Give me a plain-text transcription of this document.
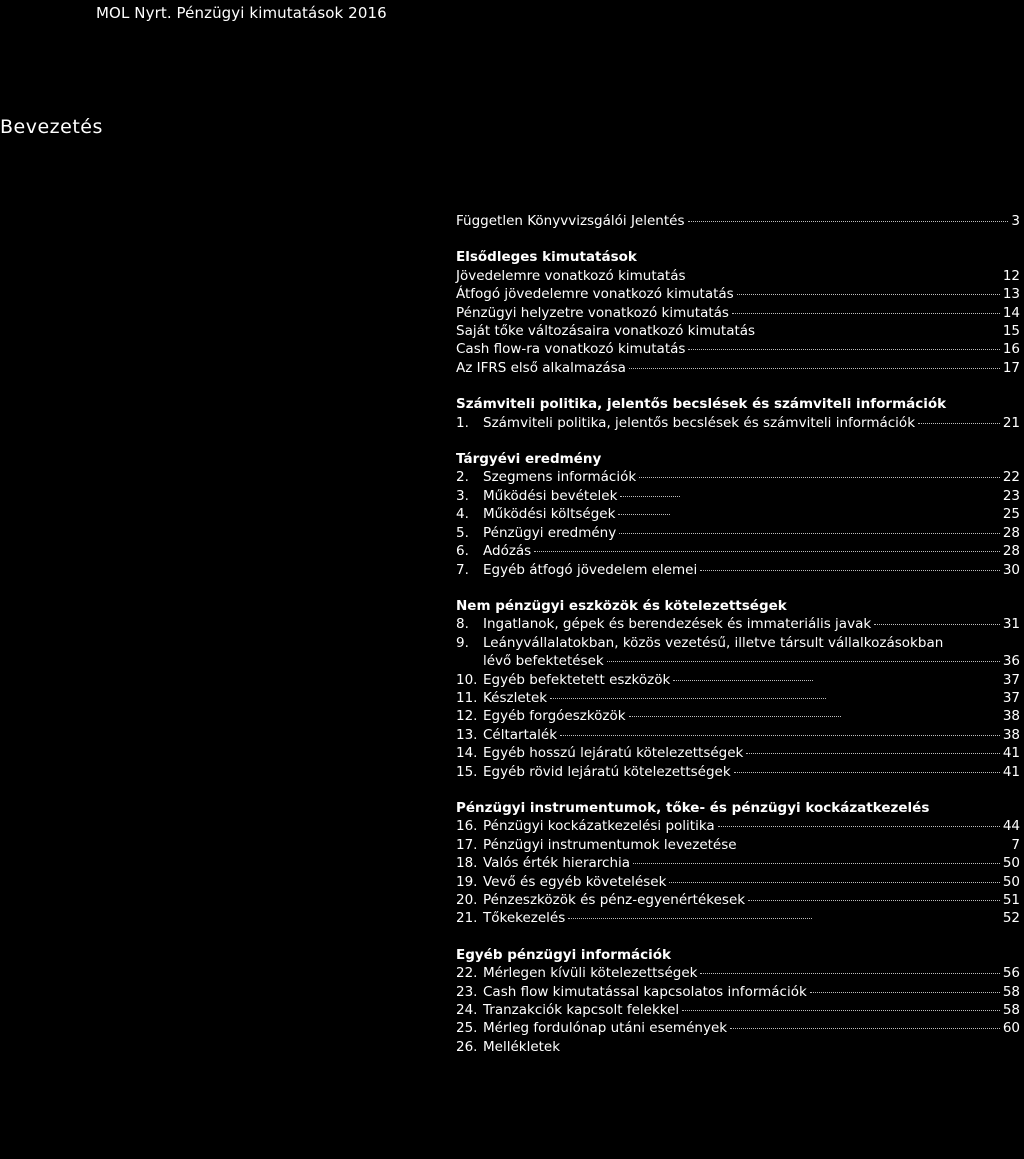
MOL Nyrt. Pénzügyi kimutatások 2016
Bevezetés
Független Könyvvizsgálói Jelentés	3
Elsődleges kimutatások
Jövedelemre vonatkozó kimutatás	12
Átfogó jövedelemre vonatkozó kimutatás	13
Pénzügyi helyzetre vonatkozó kimutatás	14
Saját tőke változásaira vonatkozó kimutatás	15
Cash flow-ra vonatkozó kimutatás	16
Az IFRS első alkalmazása	17
Számviteli politika, jelentős becslések és számviteli információk
1.	Számviteli politika, jelentős becslések és számviteli információk	21
Tárgyévi eredmény
2.	Szegmens információk	22
3.	Működési bevételek	23
4.	Működési költségek	25
5.	Pénzügyi eredmény	28
6.	Adózás	28
7.	Egyéb átfogó jövedelem elemei	30
Nem pénzügyi eszközök és kötelezettségek
8.	Ingatlanok, gépek és berendezések és immateriális javak	31
9.	Leányvállalatokban, közös vezetésű, illetve társult vállalkozásokban
lévő befektetések	36
10. Egyéb befektetett eszközök	37
11. Készletek	37
12. Egyéb forgóeszközök	38
13. Céltartalék	38
14. Egyéb hosszú lejáratú kötelezettségek	41
15. Egyéb rövid lejáratú kötelezettségek	41
Pénzügyi instrumentumok, tőke- és pénzügyi kockázatkezelés
16. Pénzügyi kockázatkezelési politika	44
17. Pénzügyi instrumentumok levezetése	7
18. Valós érték hierarchia	50
19. Vevő és egyéb követelések	50
20. Pénzeszközök és pénz-egyenértékesek	51
21. Tőkekezelés	52
Egyéb pénzügyi információk
22. Mérlegen kívüli kötelezettségek	56
23. Cash flow kimutatással kapcsolatos információk	58
24. Tranzakciók kapcsolt felekkel	58
25. Mérleg fordulónap utáni események	60
26. Mellékletek
